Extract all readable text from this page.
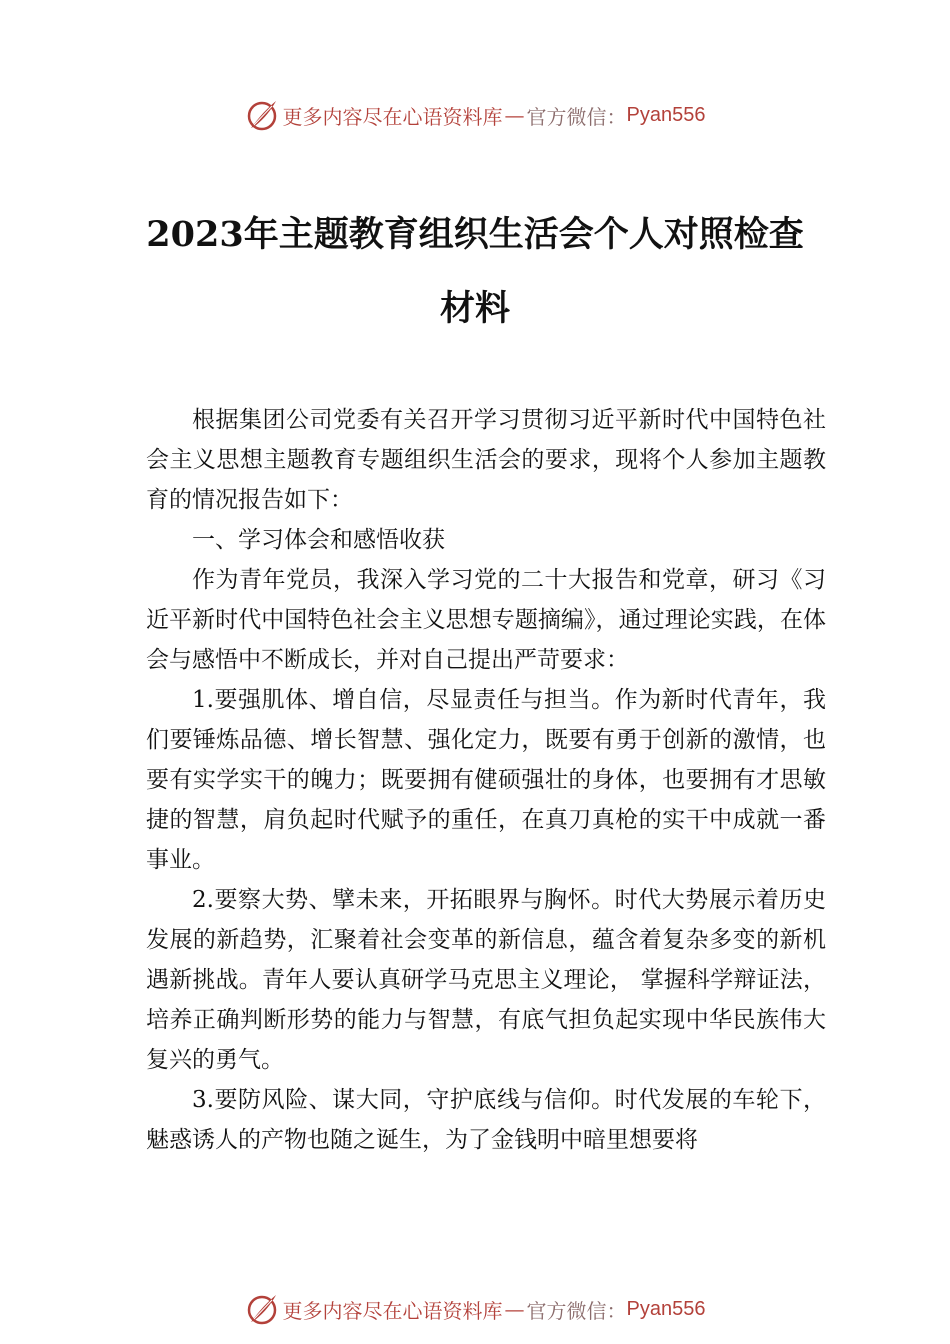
更多内容尽在心语资料库 — 官方微信： Pyan556
2023年主题教育组织生活会个人对照检查
材料

根据集团公司党委有关召开学习贯彻习近平新时代中国特色社会主义思想主题教育专题组织生活会的要求，现将个人参加主题教育的情况报告如下：

一、学习体会和感悟收获

作为青年党员，我深入学习党的二十大报告和党章，研习《习近平新时代中国特色社会主义思想专题摘编》，通过理论实践，在体会与感悟中不断成长，并对自己提出严苛要求：

1.要强肌体、增自信，尽显责任与担当。作为新时代青年，我们要锤炼品德、增长智慧、强化定力，既要有勇于创新的激情，也要有实学实干的魄力；既要拥有健硕强壮的身体，也要拥有才思敏捷的智慧，肩负起时代赋予的重任，在真刀真枪的实干中成就一番事业。

2.要察大势、擘未来，开拓眼界与胸怀。时代大势展示着历史发展的新趋势，汇聚着社会变革的新信息，蕴含着复杂多变的新机遇新挑战。青年人要认真研学马克思主义理论， 掌握科学辩证法，培养正确判断形势的能力与智慧，有底气担负起实现中华民族伟大复兴的勇气。

3.要防风险、谋大同，守护底线与信仰。时代发展的车轮下，魅惑诱人的产物也随之诞生，为了金钱明中暗里想要将

更多内容尽在心语资料库 — 官方微信： Pyan556
